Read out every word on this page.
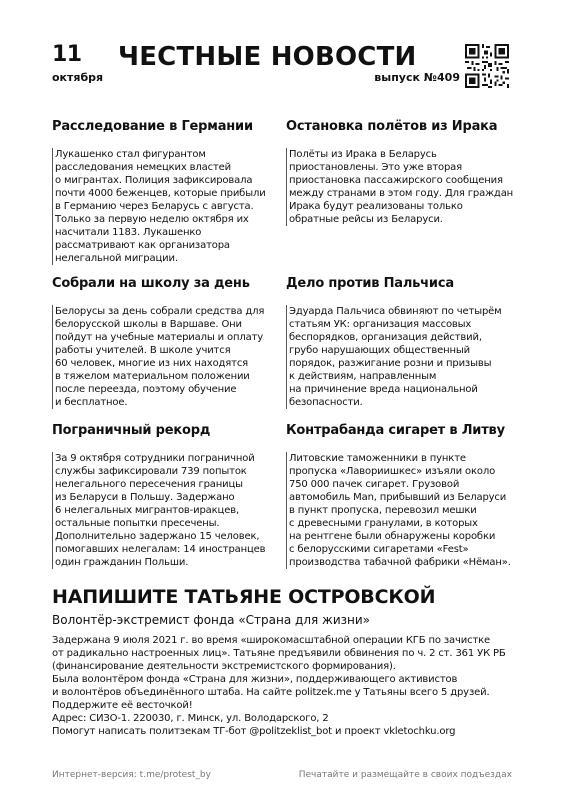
11
октября
ЧЕСТНЫЕ НОВОСТИ
выпуск №409
Расследование в Германии
Лукашенко стал фигурантом
расследования немецких властей
о мигрантах. Полиция зафиксировала
почти 4000 беженцев, которые прибыли
в Германию через Беларусь с августа.
Только за первую неделю октября их
насчитали 1183. Лукашенко
рассматривают как организатора
нелегальной миграции.
Остановка полётов из Ирака
Полёты из Ирака в Беларусь
приостановлены. Это уже вторая
приостановка пассажирского сообщения
между странами в этом году. Для граждан
Ирака будут реализованы только
обратные рейсы из Беларуси.
Собрали на школу за день
Белорусы за день собрали средства для
белорусской школы в Варшаве. Они
пойдут на учебные материалы и оплату
работы учителей. В школе учится
60 человек, многие из них находятся
в тяжелом материальном положении
после переезда, поэтому обучение
и бесплатное.
Дело против Пальчиса
Эдуарда Пальчиса обвиняют по четырём
статьям УК: организация массовых
беспорядков, организация действий,
грубо нарушающих общественный
порядок, разжигание розни и призывы
к действиям, направленным
на причинение вреда национальной
безопасности.
Пограничный рекорд
За 9 октября сотрудники пограничной
службы зафиксировали 739 попыток
нелегального пересечения границы
из Беларуси в Польшу. Задержано
6 нелегальных мигрантов-иракцев,
остальные попытки пресечены.
Дополнительно задержано 15 человек,
помогавших нелегалам: 14 иностранцев
один гражданин Польши.
Контрабанда сигарет в Литву
Литовские таможенники в пункте
пропуска «Лавориишкес» изъяли около
750 000 пачек сигарет. Грузовой
автомобиль Man, прибывший из Беларуси
в пункт пропуска, перевозил мешки
с древесными гранулами, в которых
на рентгене были обнаружены коробки
с белорусскими сигаретами «Fest»
производства табачной фабрики «Нёман».
НАПИШИТЕ ТАТЬЯНЕ ОСТРОВСКОЙ
Волонтёр-экстремист фонда «Страна для жизни»
Задержана 9 июля 2021 г. во время «широкомасштабной операции КГБ по зачистке
от радикально настроенных лиц». Татьяне предъявили обвинения по ч. 2 ст. 361 УК РБ
(финансирование деятельности экстремистского формирования).
Была волонтёром фонда «Страна для жизни», поддерживающего активистов
и волонтёров объединённого штаба. На сайте politzek.me у Татьяны всего 5 друзей.
Поддержите её весточкой!
Адрес: СИЗО-1. 220030, г. Минск, ул. Володарского, 2
Помогут написать политзекам ТГ-бот @politzeklist_bot и проект vkletochku.org
Интернет-версия: t.me/protest_by	Печатайте и размещайте в своих подъездах
